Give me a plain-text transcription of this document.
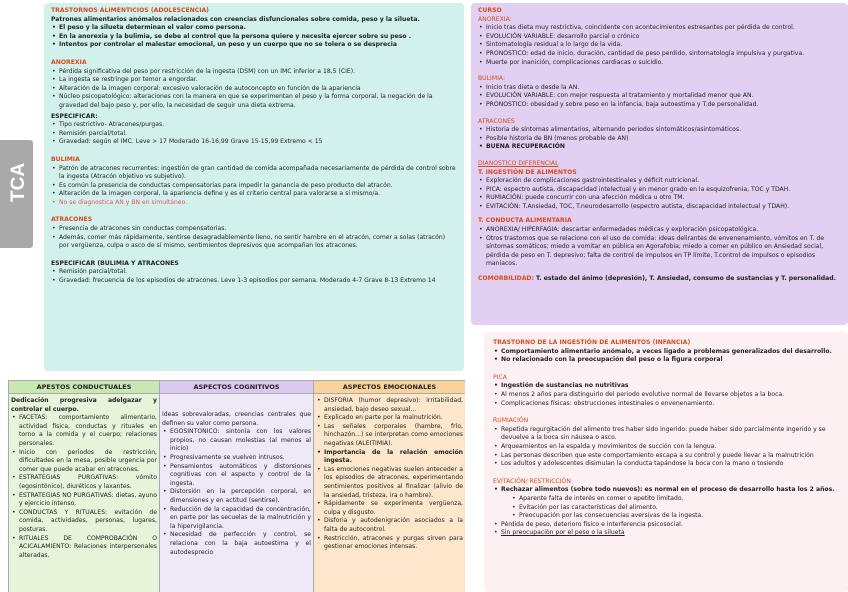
TCA
TRASTORNOS ALIMENTICIOS (ADOLESCENCIA)
Patrones alimentarios anómalos relacionados con creencias disfuncionales sobre comida, peso y la silueta.
• El peso y la silueta determinan el valor como persona.
• En la anorexia y la bulimia, se debe al control que la persona quiere y necesita ejercer sobre su peso .
• Intentos por controlar el malestar emocional, un peso y un cuerpo que no se tolera o se desprecia
ANOREXIA
• Pérdida significativa del peso por restricción de la ingesta (DSM) con un IMC inferior a 18,5 (CIE).
• La ingesta se restringe por temor a engordar.
• Alteración de la imagen corporal: excesivo valoración de autoconcepto en función de la apariencia
• Núcleo psicopatológico: alteraciones con la manera en que se experimentan el peso y la forma corporal, la negación de la gravedad del bajo peso y, por ello, la necesidad de seguir una dieta extrema.
ESPECIFICAR:
• Tipo restrictivo- Atracones/purgas.
• Remisión parcial/total.
• Gravedad: según el IMC. Leve > 17 Moderado 16-16,99 Grave 15-15,99 Extremo < 15
BULIMIA
• Patrón de atracones recurrentes: ingestión de gran cantidad de comida acompañada necesariamente de pérdida de control sobre la ingesta (Atracón objetivo vs subjetivo).
• Es común la presencia de conductas compensatorias para impedir la ganancia de peso producto del atracón.
• Alteración de la imagen corporal, la apariencia define y es el criterio central para valorarse a sí mismo/a.
• No se diagnostica AN y BN en simultáneo.
ATRACONES
• Presencia de atracones sin conductas compensatorias.
• Además, comer más rápidamente, sentirse desagradablemente lleno, no sentir hambre en el atracón, comer a solas (atracón) por vergüenza, culpa o asco de sí mismo, sentimientos depresivos que acompañan los atracones.
ESPECIFICAR (BULIMIA Y ATRACONES
• Remisión parcial/total.
• Gravedad: frecuencia de los episodios de atracones. Leve 1-3 episodios por semana. Moderado 4-7 Grave 8-13 Extremo 14
CURSO
ANOREXIA:
• Inicio tras dieta muy restrictiva, coincidente con acontecimientos estresantes por pérdida de control.
• EVOLUCIÓN VARIABLE: desarrollo parcial o crónico
• Sintomatología residual a lo largo de la vida.
• PRONOSTICO: edad de inicio, duración, cantidad de peso perdido, sintomatología impulsiva y purgativa.
• Muerte por inanición, complicaciones cardiacas o suicidio.
BULIMIA:
• Inicio tras dieta o desde la AN.
• EVOLUCIÓN VARIABLE: con mejor respuesta al tratamiento y mortalidad menor que AN.
• PRONOSTICO: obesidad y sobre peso en la infancia, baja autoestima y T.de personalidad.
ATRACONES
• Historia de síntomas alimentarios, alternando periodos sintomáticos/asintomáticos.
• Posible historia de BN (menos probable de AN)
• BUENA RECUPERACIÓN
DIANOSTICO DIFERENCIAL
T. INGESTIÓN DE ALIMENTOS
• Exploración de complicaciones gastrointestinales y déficit nutricional.
• PICA: espectro autista, discapacidad intelectual y en menor grado en la esquizofrenia, TOC y TDAH.
• RUMIACIÓN: puede concurrir con una afección médica u otro TM.
• EVITACIÓN: T.Ansiedad, TOC, T.neurodesarrollo (espectro autista, discapacidad intelectual y TDAH).
T. CONDUCTA ALIMENTARIA
• ANOREXIA/ HIPERFAGIA: descartar enfermedades médicas y exploración psicopatológica.
• Otros trastornos que se relacione con el uso de comida: ideas delirantes de envenenamiento, vómitos en T. de síntomas somáticos; miedo a vomitar en pública en Agorafobia; miedo a comer en público en Ansiedad social, pérdida de peso en T. depresivo; falta de control de impulsos en TP límite, T.control de impulsos o episodios maniacos.
COMORBILIDAD: T. estado del ánimo (depresión), T. Ansiedad, consumo de sustancias y T. personalidad.
TRASTORNO DE LA INGESTIÓN DE ALIMENTOS (INFANCIA)
• Comportamiento alimentario anómalo, a veces ligado a problemas generalizados del desarrollo.
• No relacionado con la preocupación del peso o la figura corporal
PICA
• Ingestión de sustancias no nutritivas
• Al menos 2 años para distinguirlo del periodo evolutivo normal de llevarse objetos a la boca.
• Complicaciones físicas: obstrucciones intestinales o envenenamiento.
RUMIACIÓN
• Repetida regurgitación del alimento tres haber sido ingerido: puede haber sido parcialmente ingerido y se devuelve a la boca sin náusea o asco.
• Arqueamientos en la espalda y movimientos de succión con la lengua.
• Las personas describen que este comportamiento escapa a su control y puede llevar a la malnutrición
• Los adultos y adolescentes disimulan la conducta tapándose la boca con la mano o tosiendo
EVITACIÓN/ RESTRICCIÓN
• Rechazar alimentos (sobre todo nuevos): es normal en el proceso de desarrollo hasta los 2 años.
• Aparente falta de interés en comer o apetito limitado.
• Evitación por las características del alimento.
• Preocupación por las consecuencias aversivas de la ingesta.
• Pérdida de peso, deterioro físico e interferencia psicosocial.
• Sin preocupación por el peso o la silueta
APESTOS CONDUCTUALES
Dedicación progresiva adelgazar y controlar el cuerpo.
• FACETAS: comportamiento alimentario, actividad física, conductas y rituales en torno a la comida y el cuerpo; relaciones personales.
• Inicio con periodos de restricción, dificultades en la mesa, posible urgencia por comer que puede acabar en atracones.
• ESTRATEGIAS PURGATIVAS: vómito (egosintónico), diuréticos y laxantes.
• ESTRATEGIAS NO PURGATIVAS: dietas, ayuno y ejercicio intenso.
• CONDUCTAS Y RITUALES: evitación de comida, actividades, personas, lugares, posturas.
• RITUALES DE COMPROBACIÓN O ACICALAMIENTO: Relaciones interpersonales alteradas.
ASPECTOS COGNITIVOS
Ideas sobrevaloradas, creencias centrales que definen su valor como persona.
• EGOSINTONICO: sintonía con los valores propios, no causan molestias (al menos al inicio)
• Progresivamente se vuelven intrusos.
• Pensamientos automáticos y distorsiones cognitivas con el aspecto y control de la ingesta.
• Distorsión en la percepción corporal, en dimensiones y en actitud (sentirse).
• Reducción de la capacidad de concentración, en parte por las secuelas de la malnutrición y la hipervigilancia.
• Necesidad de perfección y control, se relaciona con la baja autoestima y el autodesprecio
ASPECTOS EMOCIONALES
• DISFORIA (humor depresivo): irritabilidad, ansiedad, bajo deseo sexual...
• Explicado en parte por la malnutrición.
• Las señales corporales (hambre, frío, hinchazón...) se interpretan como emociones negativas (ALEITIMIA).
• Importancia de la relación emoción ingesta.
• Las emociones negativas suelen anteceder a los episodios de atracones, experimentando sentimientos positivos al finalizar (alivio de la ansiedad, tristeza, ira o hambre).
• Rápidamente se experimenta vergüenza, culpa y disgusto.
• Disforia y autodenigración asociados a la falta de autocontrol.
• Restricción, atracones y purgas sirven para gestionar emociones intensas.
